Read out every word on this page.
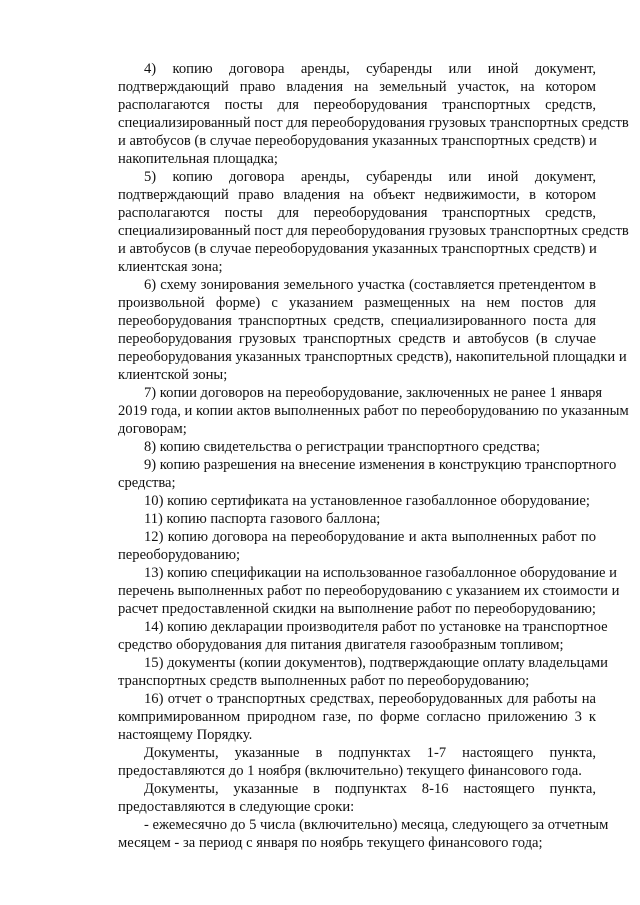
4) копию договора аренды, субаренды или иной документ,
подтверждающий право владения на земельный участок, на котором
располагаются посты для переоборудования транспортных средств,
специализированный пост для переоборудования грузовых транспортных средств
и автобусов (в случае переоборудования указанных транспортных средств) и
накопительная площадка;
5) копию договора аренды, субаренды или иной документ,
подтверждающий право владения на объект недвижимости, в котором
располагаются посты для переоборудования транспортных средств,
специализированный пост для переоборудования грузовых транспортных средств
и автобусов (в случае переоборудования указанных транспортных средств) и
клиентская зона;
6) схему зонирования земельного участка (составляется претендентом в
произвольной форме) с указанием размещенных на нем постов для
переоборудования транспортных средств, специализированного поста для
переоборудования грузовых транспортных средств и автобусов (в случае
переоборудования указанных транспортных средств), накопительной площадки и
клиентской зоны;
7) копии договоров на переоборудование, заключенных не ранее 1 января
2019 года, и копии актов выполненных работ по переоборудованию по указанным
договорам;
8) копию свидетельства о регистрации транспортного средства;
9) копию разрешения на внесение изменения в конструкцию транспортного
средства;
10) копию сертификата на установленное газобаллонное оборудование;
11) копию паспорта газового баллона;
12) копию договора на переоборудование и акта выполненных работ по
переоборудованию;
13) копию спецификации на использованное газобаллонное оборудование и
перечень выполненных работ по переоборудованию с указанием их стоимости и
расчет предоставленной скидки на выполнение работ по переоборудованию;
14) копию декларации производителя работ по установке на транспортное
средство оборудования для питания двигателя газообразным топливом;
15) документы (копии документов), подтверждающие оплату владельцами
транспортных средств выполненных работ по переоборудованию;
16) отчет о транспортных средствах, переоборудованных для работы на
компримированном природном газе, по форме согласно приложению 3 к
настоящему Порядку.
Документы, указанные в подпунктах 1-7 настоящего пункта,
предоставляются до 1 ноября (включительно) текущего финансового года.
Документы, указанные в подпунктах 8-16 настоящего пункта,
предоставляются в следующие сроки:
- ежемесячно до 5 числа (включительно) месяца, следующего за отчетным
месяцем - за период с января по ноябрь текущего финансового года;
